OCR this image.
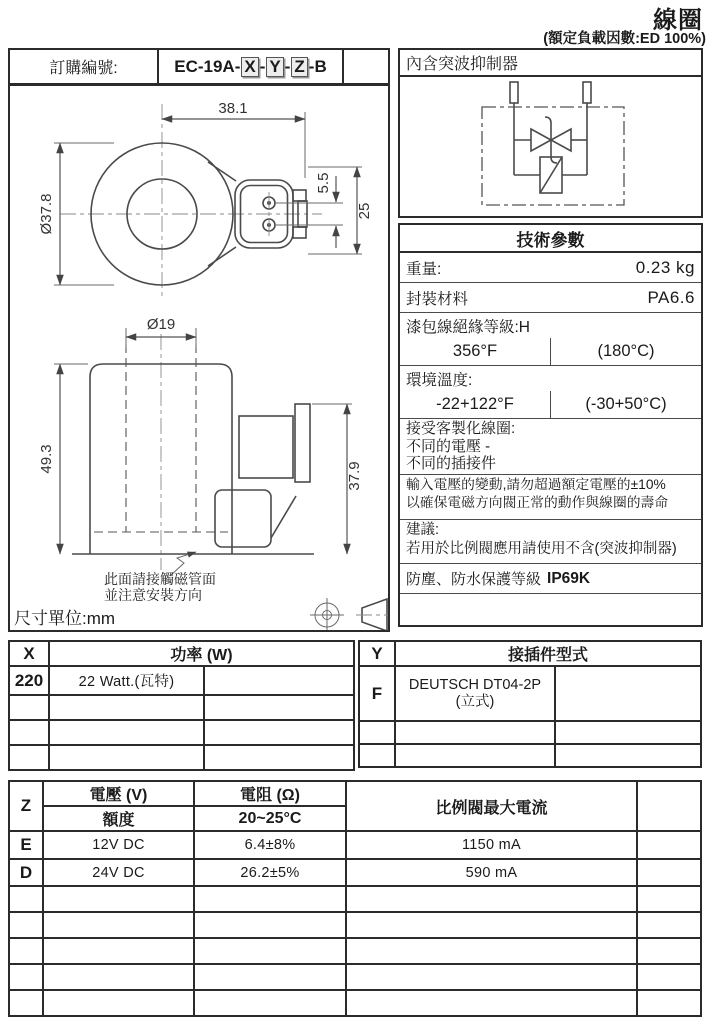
線圈
(額定負載因數:ED 100%)
訂購編號:	EC-19A- X - Y - Z -B
38.1
Ø37.8
5.5
25
Ø19
49.3
37.9
此面請接觸磁管面
並注意安裝方向
尺寸單位:mm
內含突波抑制器
技術參數
重量:	0.23 kg
封裝材料	PA6.6
漆包線絕緣等級:H
356°F	(180°C)
環境溫度:
-22+122°F	(-30+50°C)
接受客製化線圈:
不同的電壓 -
不同的插接件
輸入電壓的變動,請勿超過額定電壓的±10%
以確保電磁方向閥正常的動作與線圈的壽命
建議:
若用於比例閥應用請使用不含(突波抑制器)
防塵、防水保護等級 IP69K
X	功率 (W)	
220	22 Watt.(瓦特)	

Y	接插件型式	
F	DEUTSCH DT04-2P
(立式)	

Z	電壓 (V)	電阻 (Ω)	比例閥最大電流	
	額度	20~25°C		
E	12V DC	6.4±8%	1150 mA	
D	24V DC	26.2±5%	590 mA	
